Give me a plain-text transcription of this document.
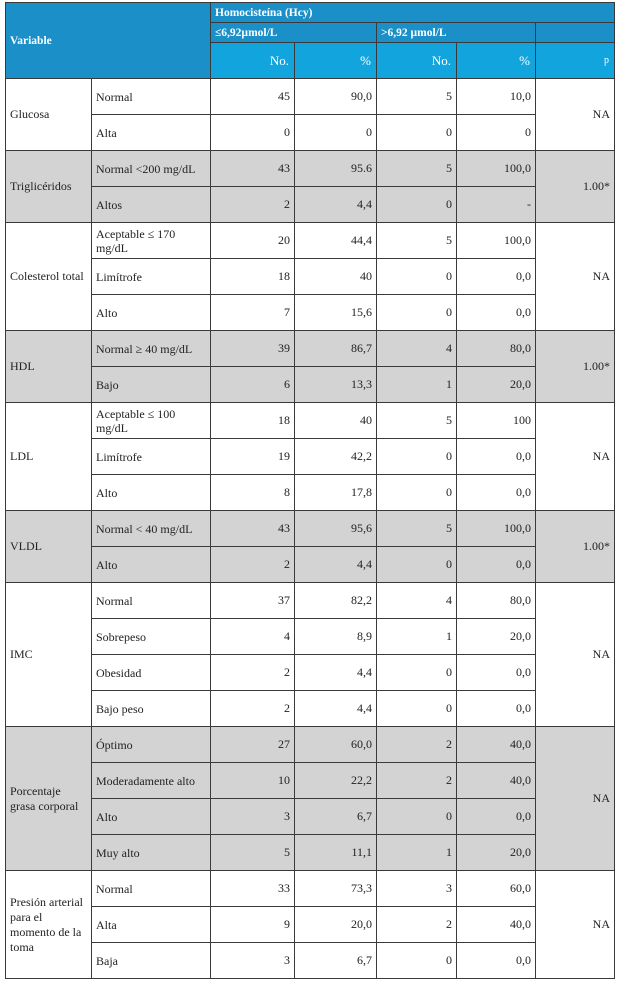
Variable		Homocisteína (Hcy)				
		≤6,92µmol/L		>6,92 µmol/L		
		No.	%	No.	%	p
Glucosa	Normal	45	90,0	5	10,0	NA
	Alta	0	0	0	0	
Triglicéridos	Normal <200 mg/dL	43	95.6	5	100,0	1.00*
	Altos	2	4,4	0	-	
Colesterol total	Aceptable ≤ 170 mg/dL	20	44,4	5	100,0	NA
	Limítrofe	18	40	0	0,0	
	Alto	7	15,6	0	0,0	
HDL	Normal ≥ 40 mg/dL	39	86,7	4	80,0	1.00*
	Bajo	6	13,3	1	20,0	
LDL	Aceptable ≤ 100 mg/dL	18	40	5	100	NA
	Limítrofe	19	42,2	0	0,0	
	Alto	8	17,8	0	0,0	
VLDL	Normal < 40 mg/dL	43	95,6	5	100,0	1.00*
	Alto	2	4,4	0	0,0	
IMC	Normal	37	82,2	4	80,0	NA
	Sobrepeso	4	8,9	1	20,0	
	Obesidad	2	4,4	0	0,0	
	Bajo peso	2	4,4	0	0,0	
Porcentaje grasa corporal	Óptimo	27	60,0	2	40,0	NA
	Moderadamente alto	10	22,2	2	40,0	
	Alto	3	6,7	0	0,0	
	Muy alto	5	11,1	1	20,0	
Presión arterial para el momento de la toma	Normal	33	73,3	3	60,0	NA
	Alta	9	20,0	2	40,0	
	Baja	3	6,7	0	0,0	
